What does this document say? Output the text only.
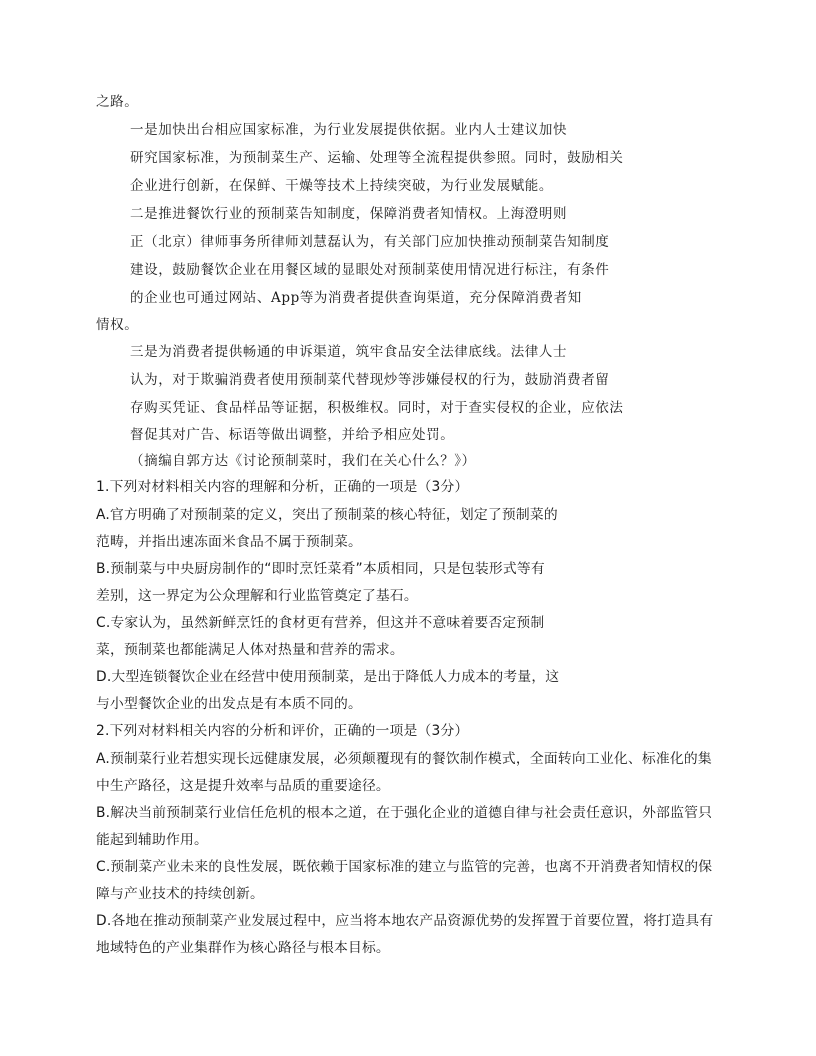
之路。
一是加快出台相应国家标准，为行业发展提供依据。业内人士建议加快
研究国家标准，为预制菜生产、运输、处理等全流程提供参照。同时，鼓励相关
企业进行创新，在保鲜、干燥等技术上持续突破，为行业发展赋能。
二是推进餐饮行业的预制菜告知制度，保障消费者知情权。上海澄明则
正（北京）律师事务所律师刘慧磊认为，有关部门应加快推动预制菜告知制度
建设，鼓励餐饮企业在用餐区域的显眼处对预制菜使用情况进行标注，有条件
的企业也可通过网站、App等为消费者提供查询渠道，充分保障消费者知
情权。
三是为消费者提供畅通的申诉渠道，筑牢食品安全法律底线。法律人士
认为，对于欺骗消费者使用预制菜代替现炒等涉嫌侵权的行为，鼓励消费者留
存购买凭证、食品样品等证据，积极维权。同时，对于查实侵权的企业，应依法
督促其对广告、标语等做出调整，并给予相应处罚。
（摘编自郭方达《讨论预制菜时，我们在关心什么？》）
1.下列对材料相关内容的理解和分析，正确的一项是（3分）
A.官方明确了对预制菜的定义，突出了预制菜的核心特征，划定了预制菜的
范畴，并指出速冻面米食品不属于预制菜。
B.预制菜与中央厨房制作的“即时烹饪菜肴”本质相同，只是包装形式等有
差别，这一界定为公众理解和行业监管奠定了基石。
C.专家认为，虽然新鲜烹饪的食材更有营养，但这并不意味着要否定预制
菜，预制菜也都能满足人体对热量和营养的需求。
D.大型连锁餐饮企业在经营中使用预制菜，是出于降低人力成本的考量，这
与小型餐饮企业的出发点是有本质不同的。
2.下列对材料相关内容的分析和评价，正确的一项是（3分）
A.预制菜行业若想实现长远健康发展，必须颠覆现有的餐饮制作模式，全面转向工业化、标准化的集
中生产路径，这是提升效率与品质的重要途径。
B.解决当前预制菜行业信任危机的根本之道，在于强化企业的道德自律与社会责任意识，外部监管只
能起到辅助作用。
C.预制菜产业未来的良性发展，既依赖于国家标准的建立与监管的完善，也离不开消费者知情权的保
障与产业技术的持续创新。
D.各地在推动预制菜产业发展过程中，应当将本地农产品资源优势的发挥置于首要位置，将打造具有
地域特色的产业集群作为核心路径与根本目标。
